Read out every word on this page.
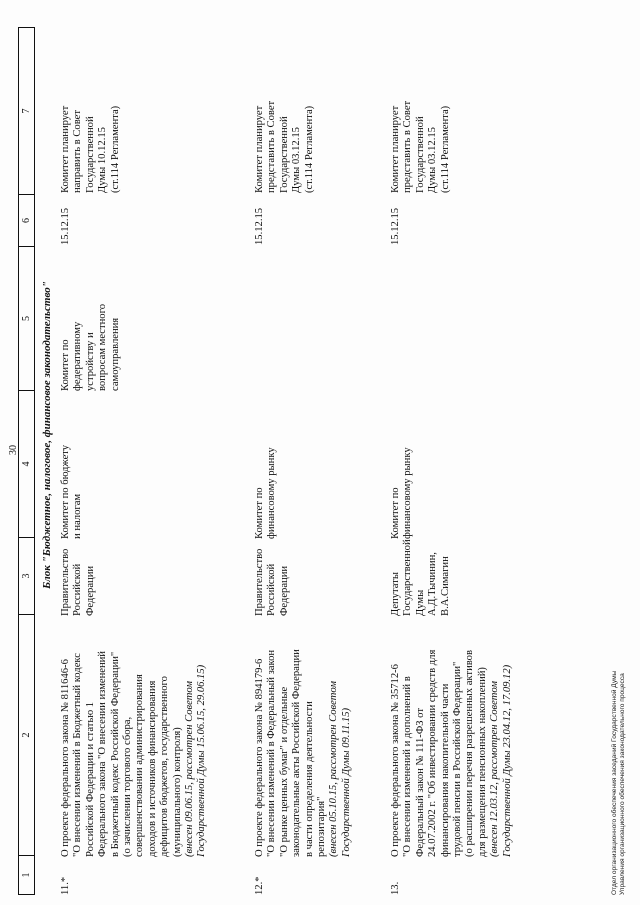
30
1
2
3
4
5
6
7
Блок "Бюджетное, налоговое, финансовое законодательство"
11.*
О проекте федерального закона № 811646-6 "О внесении изменений в Бюджетный кодекс Российской Федерации и статью 1 Федерального закона "О внесении изменений в Бюджетный кодекс Российской Федерации" (о зачислении торгового сбора, совершенствовании администрирования доходов и источников финансирования дефицитов бюджетов, государственного (муниципального) контроля) (внесен 09.06.15, рассмотрен Советом Государственной Думы 15.06.15, 29.06.15)
Правительство Российской Федерации
Комитет по бюджету и налогам
Комитет по федеративному устройству и вопросам местного самоуправления
15.12.15
Комитет планирует направить в Совет Государственной Думы 10.12.15 (ст.114 Регламента)
12.*
О проекте федерального закона № 894179-6 "О внесении изменений в Федеральный закон "О рынке ценных бумаг" и отдельные законодательные акты Российской Федерации в части определения деятельности репозитария" (внесен 05.10.15, рассмотрен Советом Государственной Думы 09.11.15)
Правительство Российской Федерации
Комитет по финансовому рынку
15.12.15
Комитет планирует представить в Совет Государственной Думы 03.12.15 (ст.114 Регламента)
13.
О проекте федерального закона № 35712-6 "О внесении изменений и дополнений в Федеральный закон № 111-ФЗ от 24.07.2002 г. "Об инвестировании средств для финансирования накопительной части трудовой пенсии в Российской Федерации" (о расширении перечня разрешенных активов для размещения пенсионных накоплений) (внесен 12.03.12, рассмотрен Советом Государственной Думы 23.04.12, 17.09.12)
Депутаты Государственной Думы А.Д.Тычинин, В.А.Симагин
Комитет по финансовому рынку
15.12.15
Комитет планирует представить в Совет Государственной Думы 03.12.15 (ст.114 Регламента)
Отдел организационного обеспечения заседаний Государственной Думы Управления организационного обеспечения законодательного процесса
